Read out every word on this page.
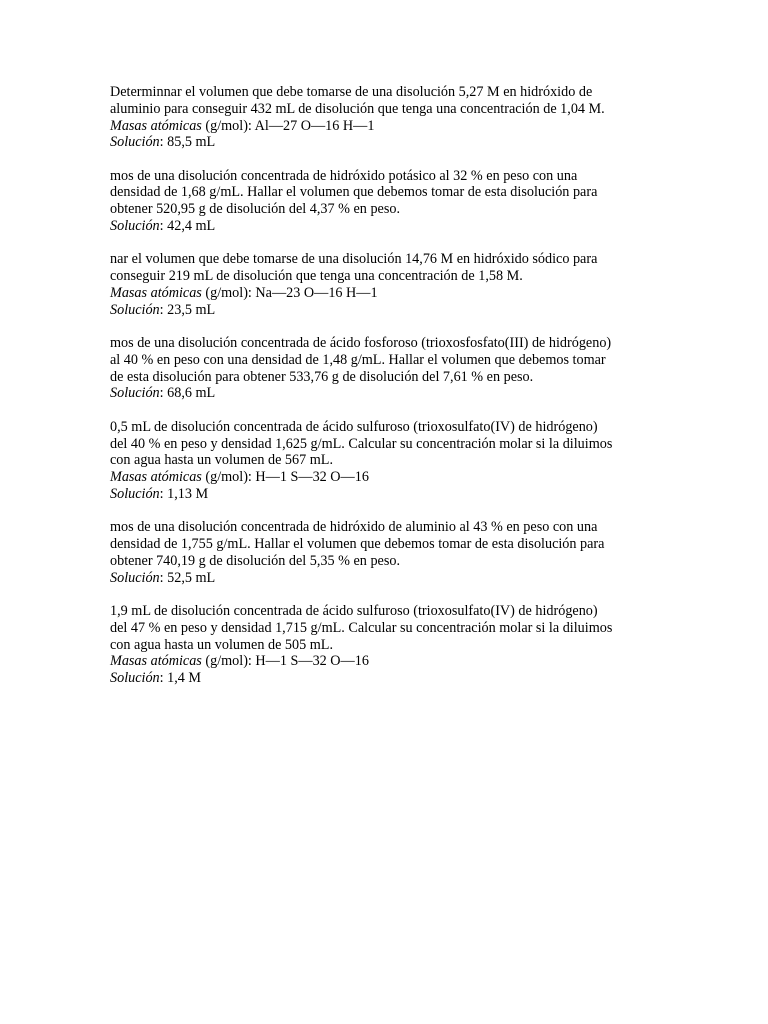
Determinnar el volumen que debe tomarse de una disolución 5,27 M en hidróxido de
aluminio para conseguir 432 mL de disolución que tenga una concentración de 1,04 M.
Masas atómicas (g/mol): Al—27 O—16 H—1
Solución: 85,5 mL
mos de una disolución concentrada de hidróxido potásico al 32 % en peso con una
densidad de 1,68 g/mL. Hallar el volumen que debemos tomar de esta disolución para
obtener 520,95 g de disolución del 4,37 % en peso.
Solución: 42,4 mL
nar el volumen que debe tomarse de una disolución 14,76 M en hidróxido sódico para
conseguir 219 mL de disolución que tenga una concentración de 1,58 M.
Masas atómicas (g/mol): Na—23 O—16 H—1
Solución: 23,5 mL
mos de una disolución concentrada de ácido fosforoso (trioxosfosfato(III) de hidrógeno)
al 40 % en peso con una densidad de 1,48 g/mL. Hallar el volumen que debemos tomar
de esta disolución para obtener 533,76 g de disolución del 7,61 % en peso.
Solución: 68,6 mL
0,5 mL de disolución concentrada de ácido sulfuroso (trioxosulfato(IV) de hidrógeno)
del 40 % en peso y densidad 1,625 g/mL. Calcular su concentración molar si la diluimos
con agua hasta un volumen de 567 mL.
Masas atómicas (g/mol): H—1 S—32 O—16
Solución: 1,13 M
mos de una disolución concentrada de hidróxido de aluminio al 43 % en peso con una
densidad de 1,755 g/mL. Hallar el volumen que debemos tomar de esta disolución para
obtener 740,19 g de disolución del 5,35 % en peso.
Solución: 52,5 mL
1,9 mL de disolución concentrada de ácido sulfuroso (trioxosulfato(IV) de hidrógeno)
del 47 % en peso y densidad 1,715 g/mL. Calcular su concentración molar si la diluimos
con agua hasta un volumen de 505 mL.
Masas atómicas (g/mol): H—1 S—32 O—16
Solución: 1,4 M
